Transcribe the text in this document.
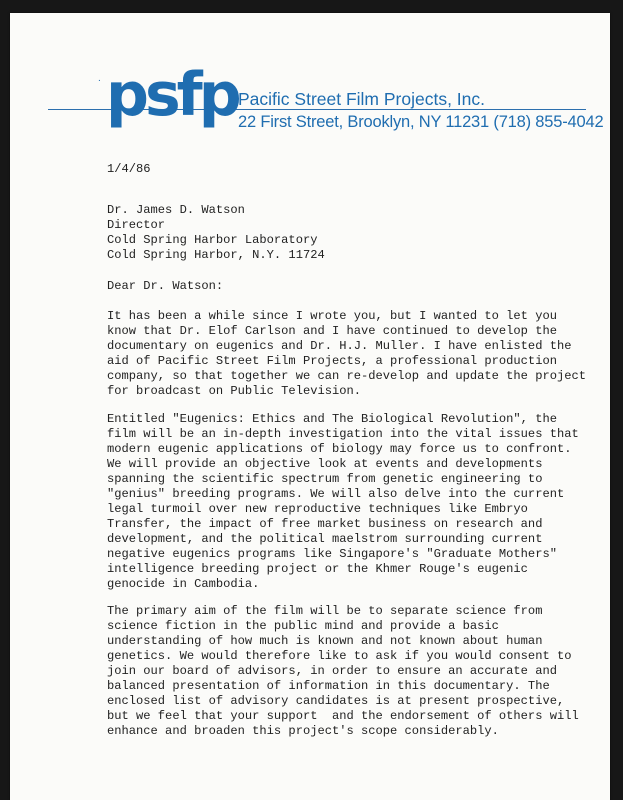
. psfp Pacific Street Film Projects, Inc.
22 First Street, Brooklyn, NY 11231 (718) 855-4042
1/4/86
Dr. James D. Watson
Director
Cold Spring Harbor Laboratory
Cold Spring Harbor, N.Y. 11724
Dear Dr. Watson:
It has been a while since I wrote you, but I wanted to let you
know that Dr. Elof Carlson and I have continued to develop the
documentary on eugenics and Dr. H.J. Muller. I have enlisted the
aid of Pacific Street Film Projects, a professional production
company, so that together we can re-develop and update the project
for broadcast on Public Television.
Entitled "Eugenics: Ethics and The Biological Revolution", the
film will be an in-depth investigation into the vital issues that
modern eugenic applications of biology may force us to confront.
We will provide an objective look at events and developments
spanning the scientific spectrum from genetic engineering to
"genius" breeding programs. We will also delve into the current
legal turmoil over new reproductive techniques like Embryo
Transfer, the impact of free market business on research and
development, and the political maelstrom surrounding current
negative eugenics programs like Singapore's "Graduate Mothers"
intelligence breeding project or the Khmer Rouge's eugenic
genocide in Cambodia.
The primary aim of the film will be to separate science from
science fiction in the public mind and provide a basic
understanding of how much is known and not known about human
genetics. We would therefore like to ask if you would consent to
join our board of advisors, in order to ensure an accurate and
balanced presentation of information in this documentary. The
enclosed list of advisory candidates is at present prospective,
but we feel that your support  and the endorsement of others will
enhance and broaden this project's scope considerably.
